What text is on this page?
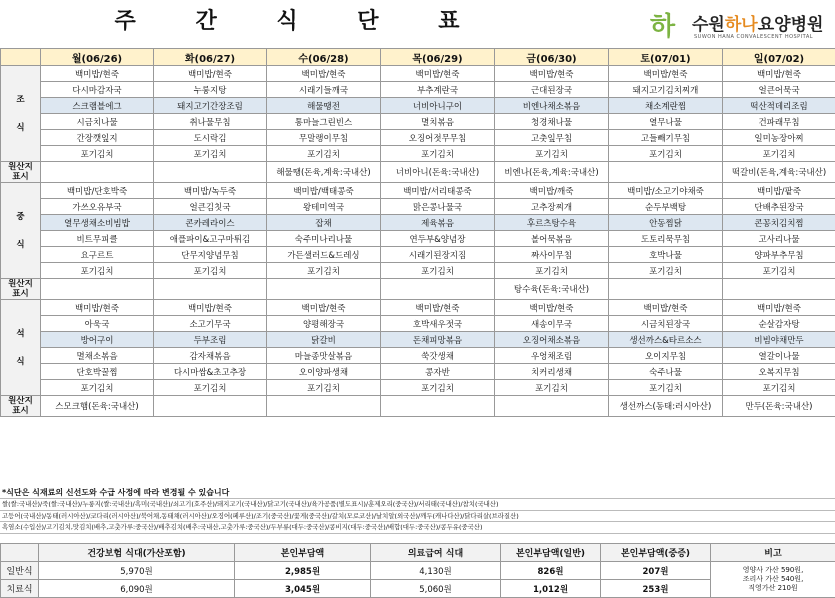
주 간 식 단 표	하 수원하나요양병원
SUWON HANA CONVALESCENT HOSPITAL
	월(06/26)	화(06/27)	수(06/28)	목(06/29)	금(06/30)	토(07/01)	일(07/02)
조
식	백미밥/현죽	백미밥/현죽	백미밥/현죽	백미밥/현죽	백미밥/현죽	백미밥/현죽	백미밥/현죽
	다시마감자국	누룽지탕	시래기들깨국	부추계란국	근대된장국	돼지고기김치찌개	얼큰어묵국
	스크램블에그	돼지고기간장조림	해물땡전	너비아니구이	비엔나채소볶음	채소계란찜	떡산적데리조림
	시금치나물	취나물무침	통마늘그린빈스	멸치볶음	청경채나물	열무나물	건파래무침
	간장깻잎지	도시락김	무말랭이무침	오징어젓무무침	고춧잎무침	고들빼기무침	일미농장아찌
	포기김치	포기김치	포기김치	포기김치	포기김치	포기김치	포기김치
원산지
표시			해물땡(돈육,계육:국내산)	너비아니(돈육:국내산)	비엔나(돈육,계육:국내산)		떡갈비(돈육,계육:국내산)
중
식	백미밥/단호박죽	백미밥/녹두죽	백미밥/백태콩죽	백미밥/서리태콩죽	백미밥/깨죽	백미밥/소고기야채죽	백미밥/팥죽
	가쓰오유부국	얼큰김칫국	왕테미역국	맑은콩나물국	고추장찌개	순두부백탕	단배추된장국
	열무생채소비빔밥	콘카레라이스	잡채	제육볶음	후르츠탕수육	안동찜닭	콘꽁치김치찜
	비트무피클	애플파이&고구마튀김	숙주미나리나물	연두부&양념장	볼어묵볶음	도토리묵무침	고사리나물
	요구르트	단무지양념무침	가든샐러드&드레싱	시래기된장지짐	짜사이무침	호박나물	양파부추무침
	포기김치	포기김치	포기김치	포기김치	포기김치	포기김치	포기김치
원산지
표시					탕수육(돈육:국내산)		
석
식	백미밥/현죽	백미밥/현죽	백미밥/현죽	백미밥/현죽	백미밥/현죽	백미밥/현죽	백미밥/현죽
	아욱국	소고기무국	양평해장국	호박새우젓국	새송이무국	시금치된장국	순살감자탕
	방어구이	두부조림	닭갈비	돈채피망볶음	오징어채소볶음	생선까스&타르소스	비빔야채만두
	멸채소볶음	감자채볶음	마늘종맛살볶음	쑥갓생채	우엉채조림	오이지무침	열갈이나물
	단호박꿀찜	다시마쌈&초고추장	오이양파생채	콩자반	치커리생채	숙주나물	오복지무침
	포기김치	포기김치	포기김치	포기김치	포기김치	포기김치	포기김치
원산지
표시	스모크햄(돈육:국내산)					생선까스(동태:러시아산)	만두(돈육:국내산)
*식단은 식재료의 신선도와 수급 사정에 따라 변경될 수 있습니다
쌀(쌀:국내산)/죽(쌀:국내산)/누룽지(쌀:국내산)/흑미(국내산)/쇠고기(호주산)/돼지고기(국내산)/닭고기(국내산)/육가공품(별도표시)/훈제오리(중국산)/서리태(국내산)/참치(국내산)
고등어(국내산)/동태(러시아산)/코다리(러시아산)/북어채,동태채(러시아산)/오징어(페루산)/조기(중국산)/꽃게(중국산)/갈치(모로코산)/날치알(외국산)/깨두(캐나다산)/닭다리살(브라질산)
흑염소(수입산)/고기김치,맛김치(배추,고춧가루:중국산)/배추김치(배추:국내산,고춧가루:중국산)/두부류(대두:중국산)/콩비지(대두:중국산)/배합(대두:중국산)/콩두유(중국산)
	건강보험 식대(가산포함)	본인부담액	의료급여 식대	본인부담액(일반)	본인부담액(중증)	비고
일반식	5,970원	2,985원	4,130원	826원	207원	영양사 가산 590원,
조리사 가산 540원,
직영가산 210원
치료식	6,090원	3,045원	5,060원	1,012원	253원	
